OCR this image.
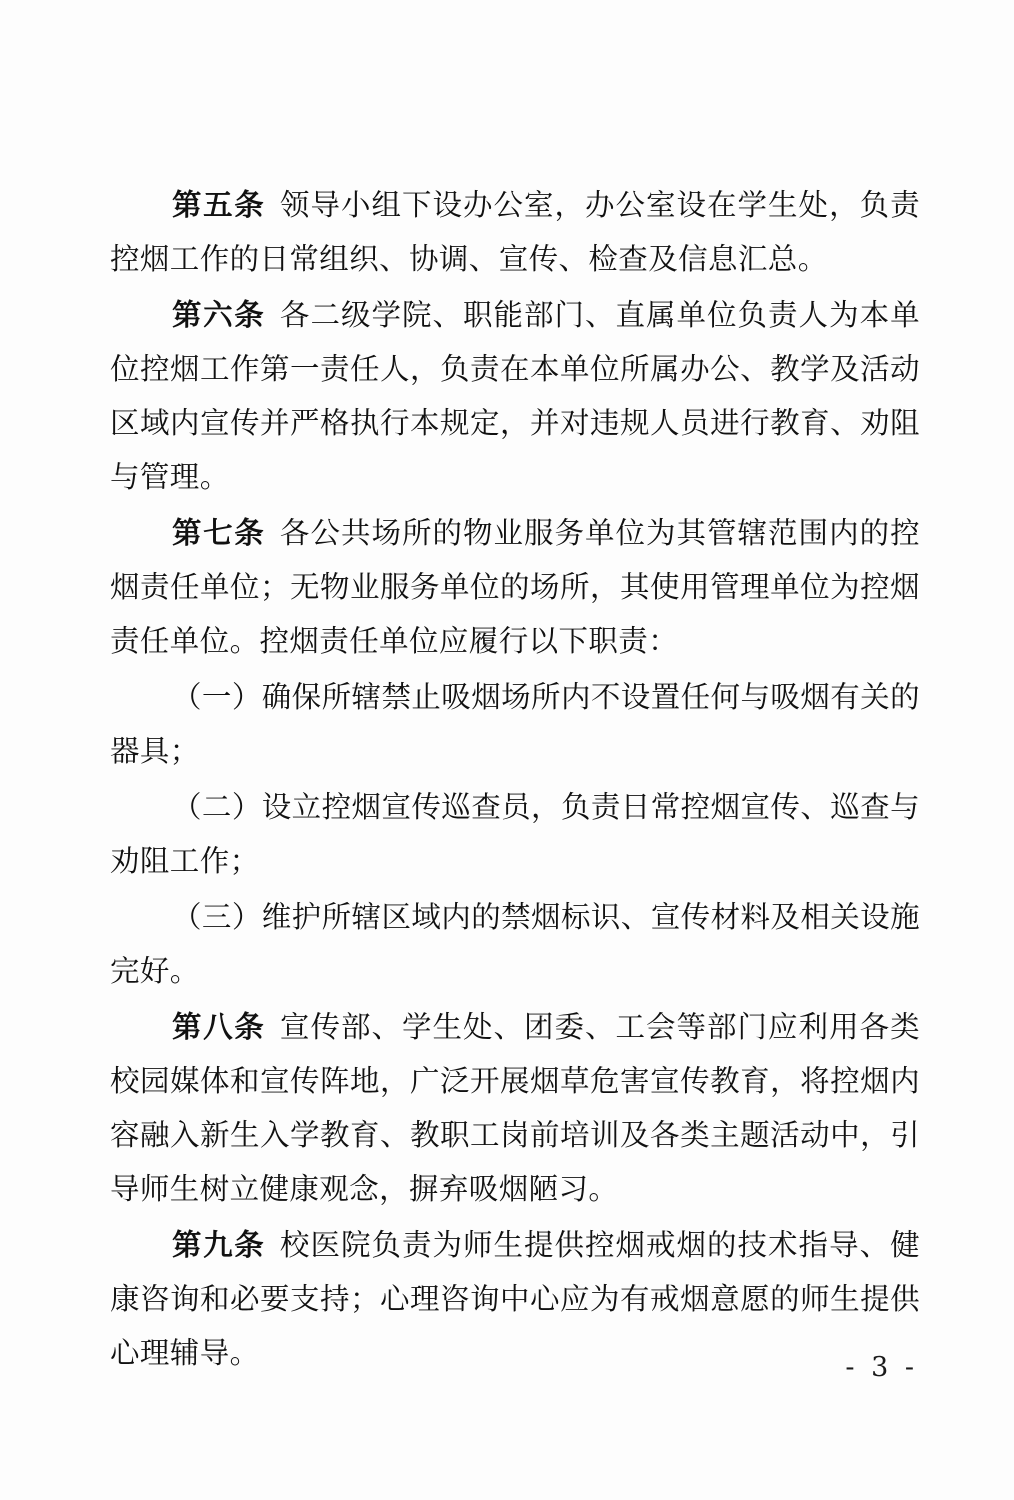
第五条 领导小组下设办公室，办公室设在学生处，负责控烟工作的日常组织、协调、宣传、检查及信息汇总。

第六条 各二级学院、职能部门、直属单位负责人为本单位控烟工作第一责任人，负责在本单位所属办公、教学及活动区域内宣传并严格执行本规定，并对违规人员进行教育、劝阻与管理。

第七条 各公共场所的物业服务单位为其管辖范围内的控烟责任单位；无物业服务单位的场所，其使用管理单位为控烟责任单位。控烟责任单位应履行以下职责：

（一）确保所辖禁止吸烟场所内不设置任何与吸烟有关的器具；

（二）设立控烟宣传巡查员，负责日常控烟宣传、巡查与劝阻工作；

（三）维护所辖区域内的禁烟标识、宣传材料及相关设施完好。

第八条 宣传部、学生处、团委、工会等部门应利用各类校园媒体和宣传阵地，广泛开展烟草危害宣传教育，将控烟内容融入新生入学教育、教职工岗前培训及各类主题活动中，引导师生树立健康观念，摒弃吸烟陋习。

第九条 校医院负责为师生提供控烟戒烟的技术指导、健康咨询和必要支持；心理咨询中心应为有戒烟意愿的师生提供心理辅导。	- 3 -
